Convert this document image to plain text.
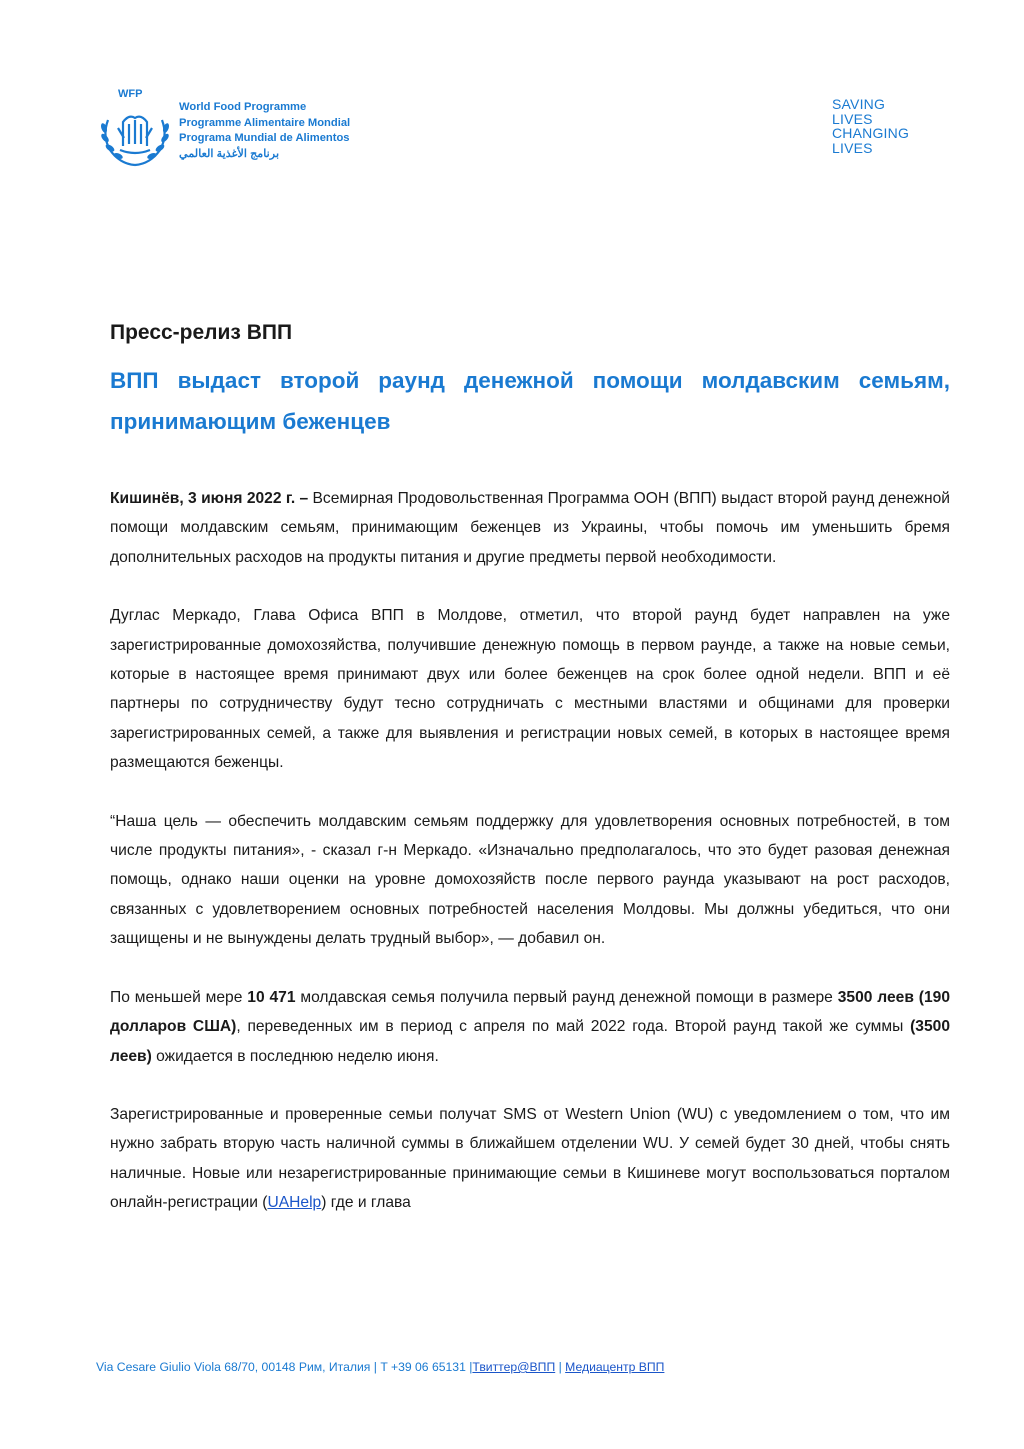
WFP
World Food Programme
Programme Alimentaire Mondial
Programa Mundial de Alimentos
برنامج الأغذية العالمي
SAVING
LIVES
CHANGING
LIVES
Пресс-релиз ВПП
ВПП выдаст второй раунд денежной помощи молдавским семьям, принимающим беженцев

Кишинёв, 3 июня 2022 г. – Всемирная Продовольственная Программа ООН (ВПП) выдаст второй раунд денежной помощи молдавским семьям, принимающим беженцев из Украины, чтобы помочь им уменьшить бремя дополнительных расходов на продукты питания и другие предметы первой необходимости.

Дуглас Меркадо, Глава Офиса ВПП в Молдове, отметил, что второй раунд будет направлен на уже зарегистрированные домохозяйства, получившие денежную помощь в первом раунде, а также на новые семьи, которые в настоящее время принимают двух или более беженцев на срок более одной недели. ВПП и её партнеры по сотрудничеству будут тесно сотрудничать с местными властями и общинами для проверки зарегистрированных семей, а также для выявления и регистрации новых семей, в которых в настоящее время размещаются беженцы.

“Наша цель — обеспечить молдавским семьям поддержку для удовлетворения основных потребностей, в том числе продукты питания», - сказал г-н Меркадо. «Изначально предполагалось, что это будет разовая денежная помощь, однако наши оценки на уровне домохозяйств после первого раунда указывают на рост расходов, связанных с удовлетворением основных потребностей населения Молдовы. Мы должны убедиться, что они защищены и не вынуждены делать трудный выбор», — добавил он.

По меньшей мере 10 471 молдавская семья получила первый раунд денежной помощи в размере 3500 леев (190 долларов США), переведенных им в период с апреля по май 2022 года. Второй раунд такой же суммы (3500 леев) ожидается в последнюю неделю июня.

Зарегистрированные и проверенные семьи получат SMS от Western Union (WU) с уведомлением о том, что им нужно забрать вторую часть наличной суммы в ближайшем отделении WU. У семей будет 30 дней, чтобы снять наличные. Новые или незарегистрированные принимающие семьи в Кишиневе могут воспользоваться порталом онлайн-регистрации (UAHelp) где и глава

Via Cesare Giulio Viola 68/70, 00148 Рим, Италия | T +39 06 65131 |Твиттер@ВПП | Медиацентр ВПП
